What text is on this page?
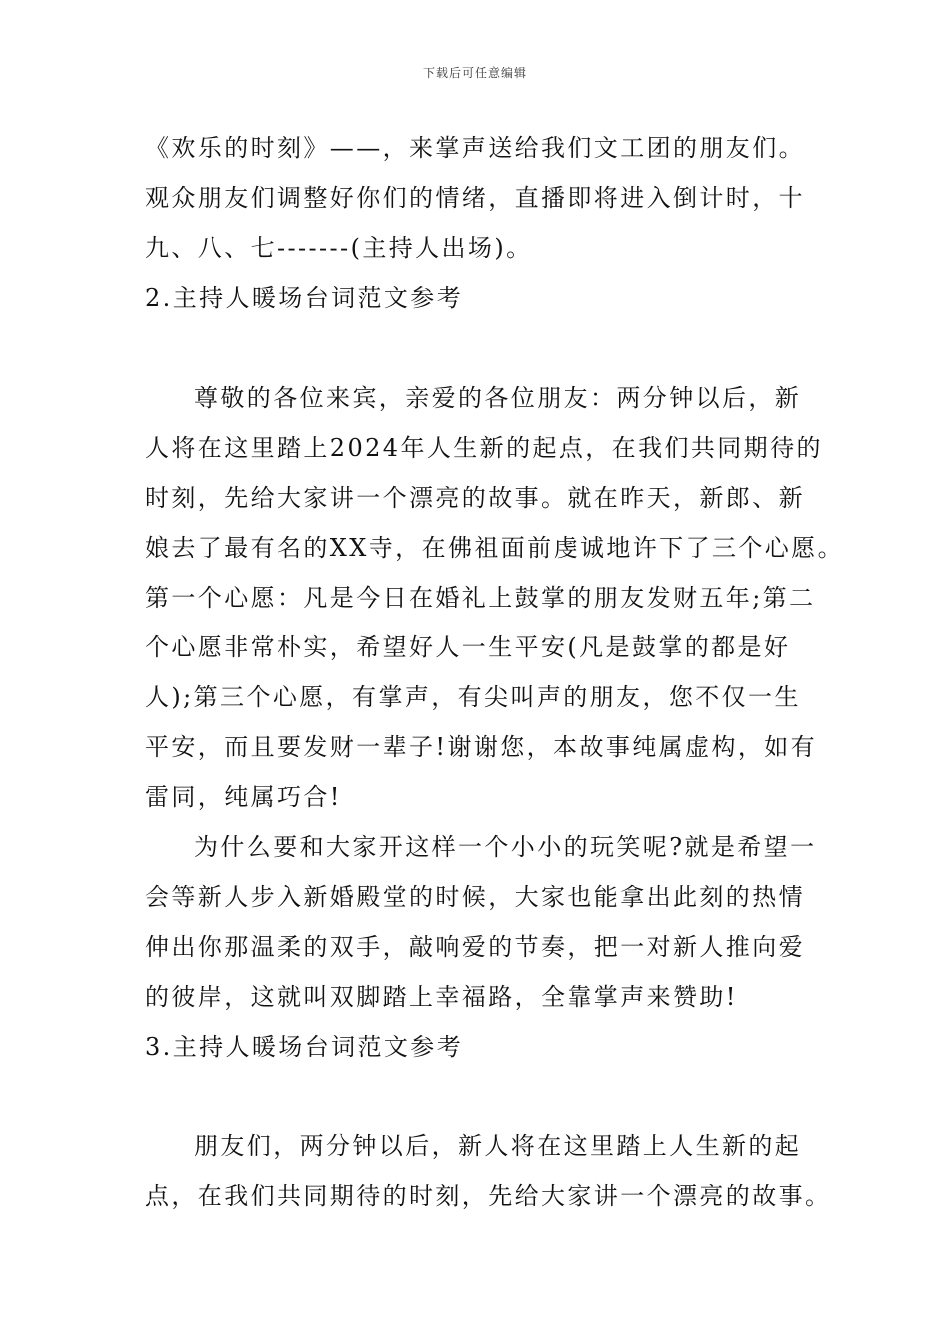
下载后可任意编辑
《欢乐的时刻》——，来掌声送给我们文工团的朋友们。
观众朋友们调整好你们的情绪，直播即将进入倒计时，十
九、八、七-------(主持人出场)。
2.主持人暖场台词范文参考
尊敬的各位来宾，亲爱的各位朋友：两分钟以后，新
人将在这里踏上2024年人生新的起点，在我们共同期待的
时刻，先给大家讲一个漂亮的故事。就在昨天，新郎、新
娘去了最有名的XX寺，在佛祖面前虔诚地许下了三个心愿。
第一个心愿：凡是今日在婚礼上鼓掌的朋友发财五年;第二
个心愿非常朴实，希望好人一生平安(凡是鼓掌的都是好
人);第三个心愿，有掌声，有尖叫声的朋友，您不仅一生
平安，而且要发财一辈子!谢谢您，本故事纯属虚构，如有
雷同，纯属巧合!
为什么要和大家开这样一个小小的玩笑呢?就是希望一
会等新人步入新婚殿堂的时候，大家也能拿出此刻的热情
伸出你那温柔的双手，敲响爱的节奏，把一对新人推向爱
的彼岸，这就叫双脚踏上幸福路，全靠掌声来赞助!
3.主持人暖场台词范文参考
朋友们，两分钟以后，新人将在这里踏上人生新的起
点，在我们共同期待的时刻，先给大家讲一个漂亮的故事。
